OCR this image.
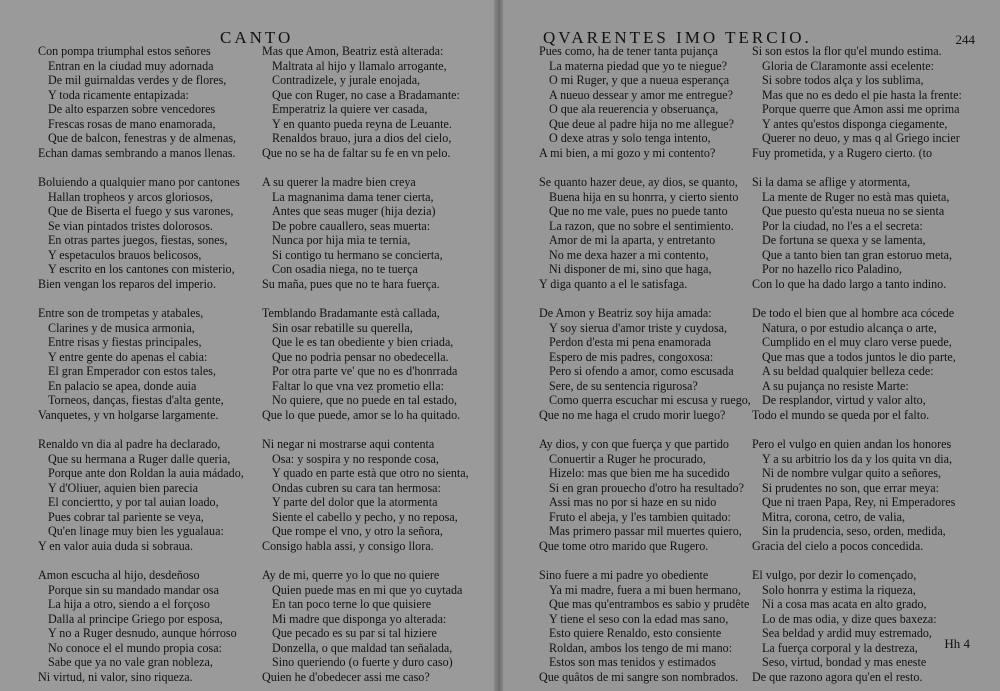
CANTO
Con pompa triumphal estos señores
Entran en la ciudad muy adornada
De mil guirnaldas verdes y de flores,
Y toda ricamente entapizada:
De alto esparzen sobre vencedores
Frescas rosas de mano enamorada,
Que de balcon, fenestras y de almenas,
Echan damas sembrando a manos llenas.
Boluiendo a qualquier mano por cantones
Hallan tropheos y arcos gloriosos,
Que de Biserta el fuego y sus varones,
Se vian pintados tristes dolorosos.
En otras partes juegos, fiestas, sones,
Y espetaculos brauos belicosos,
Y escrito en los cantones con misterio,
Bien vengan los reparos del imperio.
Entre son de trompetas y atabales,
Clarines y de musica armonia,
Entre risas y fiestas principales,
Y entre gente do apenas el cabia:
El gran Emperador con estos tales,
En palacio se apea, donde auia
Torneos, danças, fiestas d'alta gente,
Vanquetes, y vn holgarse largamente.
Renaldo vn dia al padre ha declarado,
Que su hermana a Ruger dalle queria,
Porque ante don Roldan la auia mádado,
Y d'Oliuer, aquien bien parecia
El conciertto, y por tal auian loado,
Pues cobrar tal pariente se veya,
Qu'en linage muy bien les ygualaua:
Y en valor auia duda si sobraua.
Amon escucha al hijo, desdeñoso
Porque sin su mandado mandar osa
La hija a otro, siendo a el forçoso
Dalla al principe Griego por esposa,
Y no a Ruger desnudo, aunque hórroso
No conoce el el mundo propia cosa:
Sabe que ya no vale gran nobleza,
Ni virtud, ni valor, sino riqueza.
Mas que Amon, Beatriz està alterada:
Maltrata al hijo y llamalo arrogante,
Contradizele, y jurale enojada,
Que con Ruger, no case a Bradamante:
Emperatriz la quiere ver casada,
Y en quanto pueda reyna de Leuante.
Renaldos brauo, jura a dios del cielo,
Que no se ha de faltar su fe en vn pelo.
A su querer la madre bien creya
La magnanima dama tener cierta,
Antes que seas muger (hija dezia)
De pobre cauallero, seas muerta:
Nunca por hija mia te ternia,
Si contigo tu hermano se concierta,
Con osadia niega, no te tuerça
Su maña, pues que no te hara fuerça.
Temblando Bradamante està callada,
Sin osar rebatille su querella,
Que le es tan obediente y bien criada,
Que no podria pensar no obedecella.
Por otra parte ve' que no es d'honrrada
Faltar lo que vna vez prometio ella:
No quiere, que no puede en tal estado,
Que lo que puede, amor se lo ha quitado.
Ni negar ni mostrarse aqui contenta
Osa: y sospira y no responde cosa,
Y quado en parte està que otro no sienta,
Ondas cubren su cara tan hermosa:
Y parte del dolor que la atormenta
Siente el cabello y pecho, y no reposa,
Que rompe el vno, y otro la señora,
Consigo habla assi, y consigo llora.
Ay de mi, querre yo lo que no quiere
Quien puede mas en mi que yo cuytada
En tan poco terne lo que quisiere
Mi madre que disponga yo alterada:
Que pecado es su par si tal hiziere
Donzella, o que maldad tan señalada,
Sino queriendo (o fuerte y duro caso)
Quien he d'obedecer assi me caso?
QVARENTES IMO TERCIO.	244
Pues como, ha de tener tanta pujança
La materna piedad que yo te niegue?
O mi Ruger, y que a nueua esperança
A nueuo dessear y amor me entregue?
O que ala reuerencia y obseruança,
Que deue al padre hija no me allegue?
O dexe atras y solo tenga intento,
A mi bien, a mi gozo y mi contento?
Se quanto hazer deue, ay dios, se quanto,
Buena hija en su honrra, y cierto siento
Que no me vale, pues no puede tanto
La razon, que no sobre el sentimiento.
Amor de mi la aparta, y entretanto
No me dexa hazer a mi contento,
Ni disponer de mi, sino que haga,
Y diga quanto a el le satisfaga.
De Amon y Beatriz soy hija amada:
Y soy sierua d'amor triste y cuydosa,
Perdon d'esta mi pena enamorada
Espero de mis padres, congoxosa:
Pero si ofendo a amor, como escusada
Sere, de su sentencia rigurosa?
Como querra escuchar mi escusa y ruego,
Que no me haga el crudo morir luego?
Ay dios, y con que fuerça y que partido
Conuertir a Ruger he procurado,
Hizelo: mas que bien me ha sucedido
Si en gran prouecho d'otro ha resultado?
Assi mas no por si haze en su nido
Fruto el abeja, y l'es tambien quitado:
Mas primero passar mil muertes quiero,
Que tome otro marido que Rugero.
Sino fuere a mi padre yo obediente
Ya mi madre, fuera a mi buen hermano,
Que mas qu'entrambos es sabio y prudête
Y tiene el seso con la edad mas sano,
Esto quiere Renaldo, esto consiente
Roldan, ambos los tengo de mi mano:
Estos son mas tenidos y estimados
Que quâtos de mi sangre son nombrados.
Si son estos la flor qu'el mundo estima.
Gloria de Claramonte assi ecelente:
Si sobre todos alça y los sublima,
Mas que no es dedo el pie hasta la frente:
Porque querre que Amon assi me oprima
Y antes qu'estos disponga ciegamente,
Querer no deuo, y mas q al Griego incier
Fuy prometida, y a Rugero cierto. (to
Si la dama se aflige y atormenta,
La mente de Ruger no està mas quieta,
Que puesto qu'esta nueua no se sienta
Por la ciudad, no l'es a el secreta:
De fortuna se quexa y se lamenta,
Que a tanto bien tan gran estoruo meta,
Por no hazello rico Paladino,
Con lo que ha dado largo a tanto indino.
De todo el bien que al hombre aca cócede
Natura, o por estudio alcança o arte,
Cumplido en el muy claro verse puede,
Que mas que a todos juntos le dio parte,
A su beldad qualquier belleza cede:
A su pujança no resiste Marte:
De resplandor, virtud y valor alto,
Todo el mundo se queda por el falto.
Pero el vulgo en quien andan los honores
Y a su arbitrio los da y los quita vn dia,
Ni de nombre vulgar quito a señores,
Si prudentes no son, que errar meya:
Que ni traen Papa, Rey, ni Emperadores
Mitra, corona, cetro, de valia,
Sin la prudencia, seso, orden, medida,
Gracia del cielo a pocos concedida.
El vulgo, por dezir lo començado,
Solo honrra y estima la riqueza,
Ni a cosa mas acata en alto grado,
Lo de mas odia, y dize ques baxeza:
Sea beldad y ardid muy estremado,
La fuerça corporal y la destreza,
Seso, virtud, bondad y mas eneste
De que razono agora qu'en el resto.
Hh 4
